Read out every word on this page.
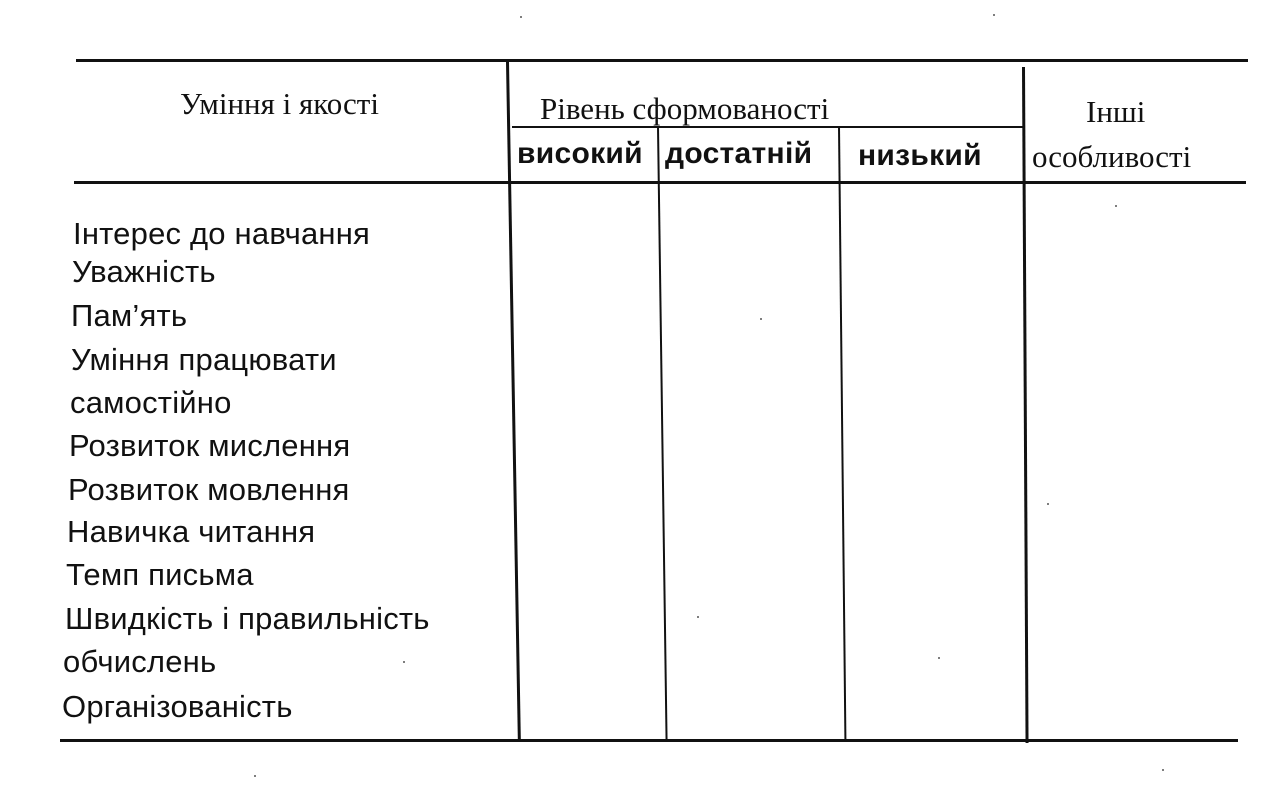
Уміння і якості	Рівень сформованості	Інші
особливості
високий достатній низький
Інтерес до навчання
Уважність
Пам’ять
Уміння працювати
самостійно
Розвиток мислення
Розвиток мовлення
Навичка читання
Темп письма
Швидкість і правильність
обчислень
Організованість
